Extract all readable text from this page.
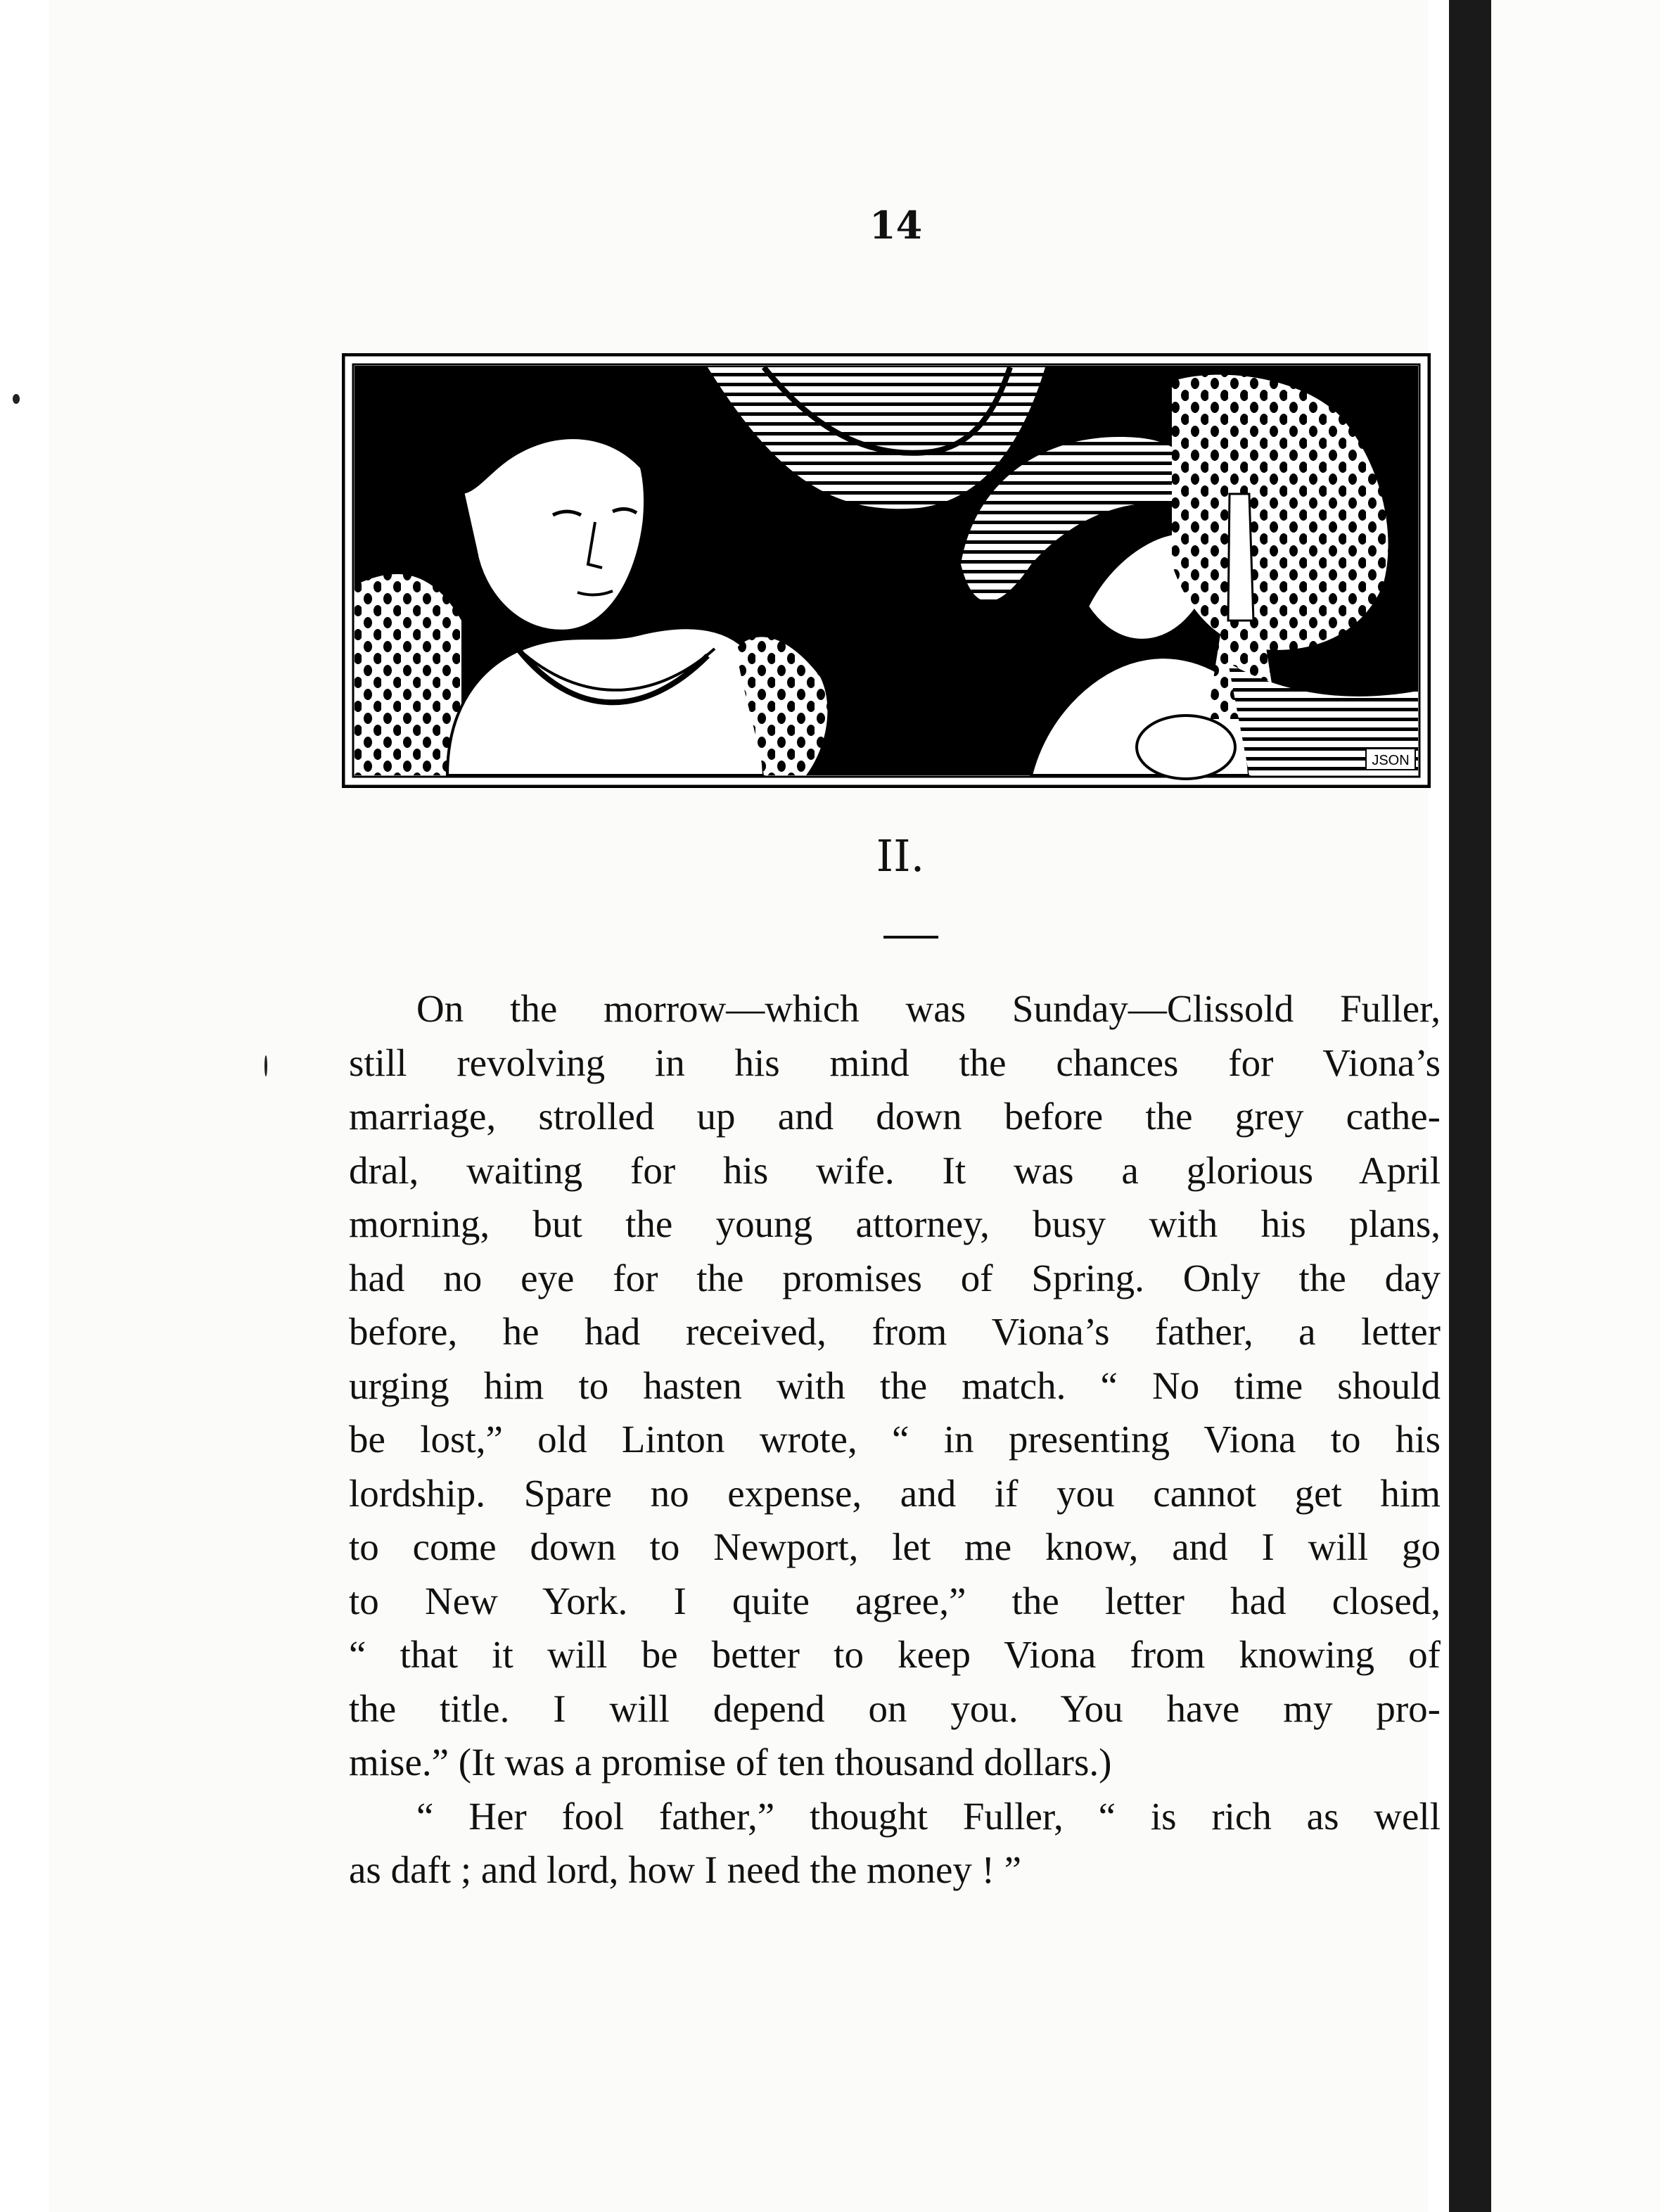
14
JSON
II.
On the morrow—which was Sunday—Clissold Fuller,
still revolving in his mind the chances for Viona’s
marriage, strolled up and down before the grey cathe-
dral, waiting for his wife. It was a glorious April
morning, but the young attorney, busy with his plans,
had no eye for the promises of Spring. Only the day
before, he had received, from Viona’s father, a letter
urging him to hasten with the match. “ No time should
be lost,” old Linton wrote, “ in presenting Viona to his
lordship. Spare no expense, and if you cannot get him
to come down to Newport, let me know, and I will go
to New York. I quite agree,” the letter had closed,
“ that it will be better to keep Viona from knowing of
the title. I will depend on you. You have my pro-
mise.” (It was a promise of ten thousand dollars.)
“ Her fool father,” thought Fuller, “ is rich as well
as daft ; and lord, how I need the money ! ”
